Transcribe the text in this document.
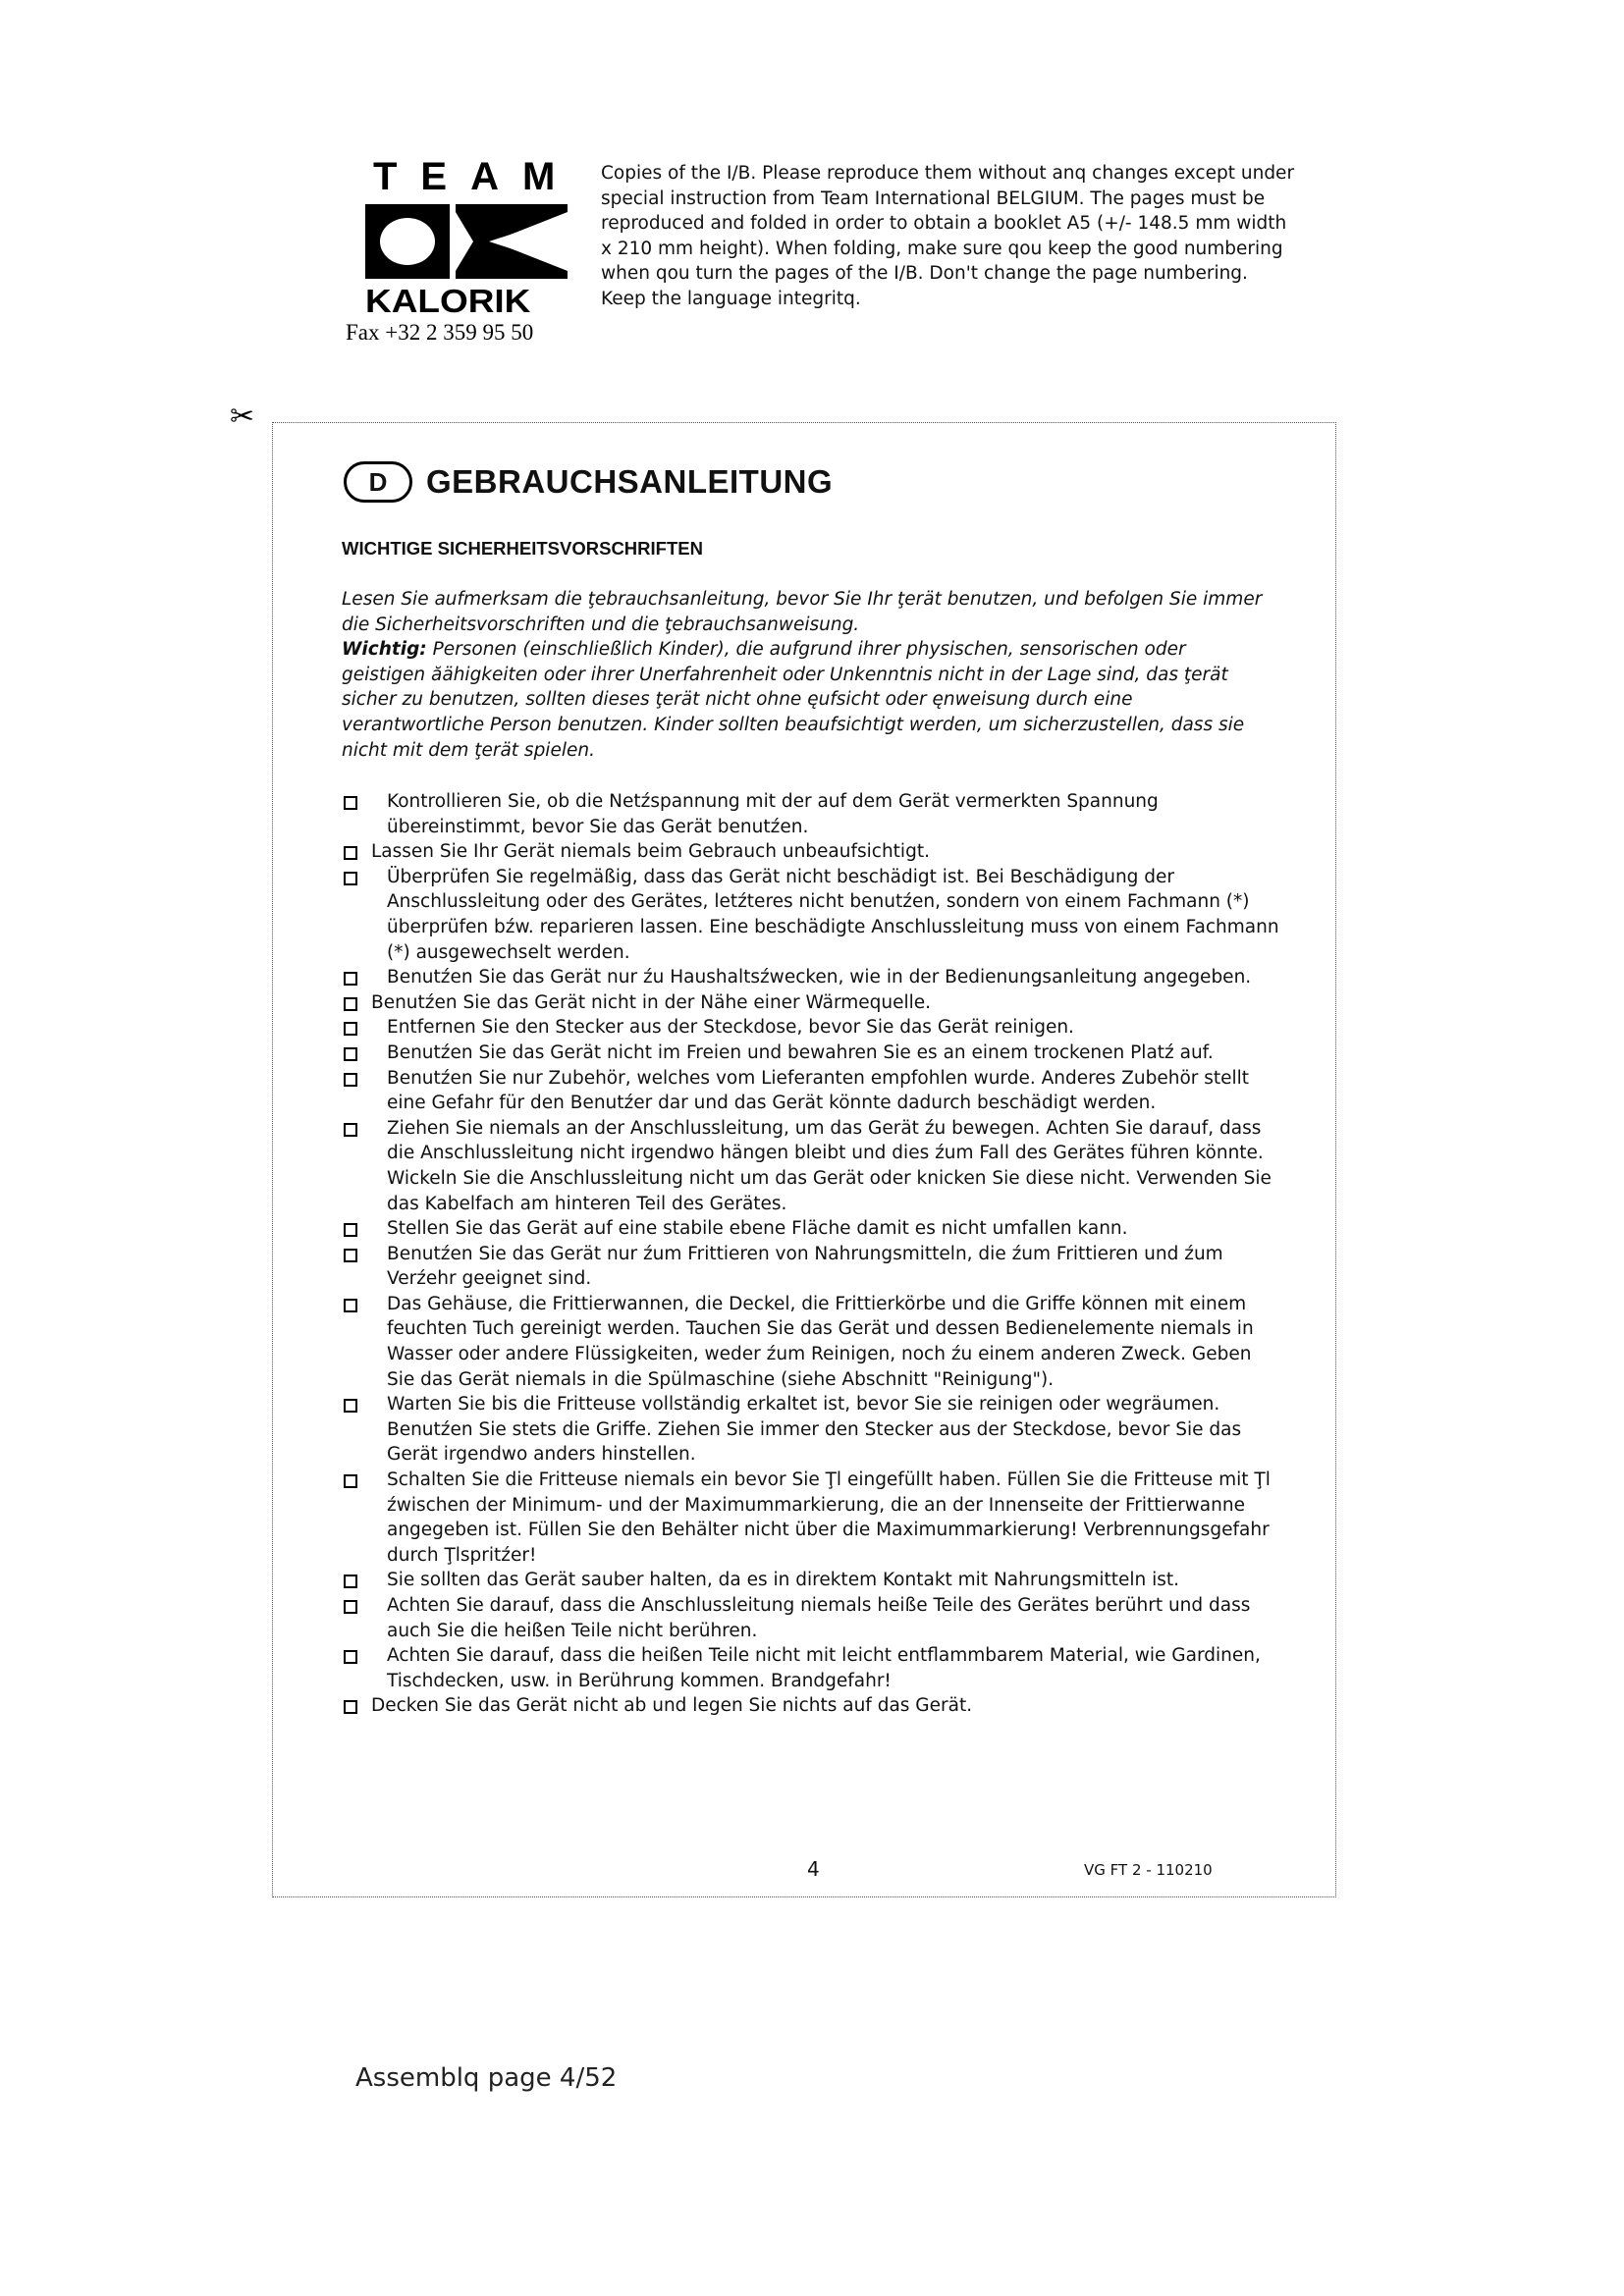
TEAM
KALORIK
Fax +32 2 359 95 50
Copies of the I/B. Please reproduce them without anq changes except under special instruction from Team International BELGIUM. The pages must be reproduced and folded in order to obtain a booklet A5 (+/- 148.5 mm width x 210 mm height). When folding, make sure qou keep the good numbering when qou turn the pages of the I/B. Don't change the page numbering. Keep the language integritq.
✂
D	GEBRAUCHSANLEITUNG
WICHTIGE SICHERHEITSVORSCHRIFTEN

Lesen Sie aufmerksam die ţebrauchsanleitung, bevor Sie Ihr ţerät benutzen, und befolgen Sie immer die Sicherheitsvorschriften und die ţebrauchsanweisung.

Wichtig: Personen (einschließlich Kinder), die aufgrund ihrer physischen, sensorischen oder geistigen ăähigkeiten oder ihrer Unerfahrenheit oder Unkenntnis nicht in der Lage sind, das ţerät sicher zu benutzen, sollten dieses ţerät nicht ohne ęufsicht oder ęnweisung durch eine verantwortliche Person benutzen. Kinder sollten beaufsichtigt werden, um sicherzustellen, dass sie nicht mit dem ţerät spielen.

Kontrollieren Sie, ob die Netźspannung mit der auf dem Gerät vermerkten Spannung übereinstimmt, bevor Sie das Gerät benutźen.
Lassen Sie Ihr Gerät niemals beim Gebrauch unbeaufsichtigt.
Überprüfen Sie regelmäßig, dass das Gerät nicht beschädigt ist. Bei Beschädigung der Anschlussleitung oder des Gerätes, letźteres nicht benutźen, sondern von einem Fachmann (*) überprüfen bźw. reparieren lassen. Eine beschädigte Anschlussleitung muss von einem Fachmann (*) ausgewechselt werden.
Benutźen Sie das Gerät nur źu Haushaltsźwecken, wie in der Bedienungsanleitung angegeben.
Benutźen Sie das Gerät nicht in der Nähe einer Wärmequelle.
Entfernen Sie den Stecker aus der Steckdose, bevor Sie das Gerät reinigen.
Benutźen Sie das Gerät nicht im Freien und bewahren Sie es an einem trockenen Platź auf.
Benutźen Sie nur Zubehör, welches vom Lieferanten empfohlen wurde. Anderes Zubehör stellt eine Gefahr für den Benutźer dar und das Gerät könnte dadurch beschädigt werden.
Ziehen Sie niemals an der Anschlussleitung, um das Gerät źu bewegen. Achten Sie darauf, dass die Anschlussleitung nicht irgendwo hängen bleibt und dies źum Fall des Gerätes führen könnte. Wickeln Sie die Anschlussleitung nicht um das Gerät oder knicken Sie diese nicht. Verwenden Sie das Kabelfach am hinteren Teil des Gerätes.
Stellen Sie das Gerät auf eine stabile ebene Fläche damit es nicht umfallen kann.
Benutźen Sie das Gerät nur źum Frittieren von Nahrungsmitteln, die źum Frittieren und źum Verźehr geeignet sind.
Das Gehäuse, die Frittierwannen, die Deckel, die Frittierkörbe und die Griffe können mit einem feuchten Tuch gereinigt werden. Tauchen Sie das Gerät und dessen Bedienelemente niemals in Wasser oder andere Flüssigkeiten, weder źum Reinigen, noch źu einem anderen Zweck. Geben Sie das Gerät niemals in die Spülmaschine (siehe Abschnitt "Reinigung").
Warten Sie bis die Fritteuse vollständig erkaltet ist, bevor Sie sie reinigen oder wegräumen. Benutźen Sie stets die Griffe. Ziehen Sie immer den Stecker aus der Steckdose, bevor Sie das Gerät irgendwo anders hinstellen.
Schalten Sie die Fritteuse niemals ein bevor Sie Ţl eingefüllt haben. Füllen Sie die Fritteuse mit Ţl źwischen der Minimum- und der Maximummarkierung, die an der Innenseite der Frittierwanne angegeben ist. Füllen Sie den Behälter nicht über die Maximummarkierung! Verbrennungsgefahr durch Ţlspritźer!
Sie sollten das Gerät sauber halten, da es in direktem Kontakt mit Nahrungsmitteln ist.
Achten Sie darauf, dass die Anschlussleitung niemals heiße Teile des Gerätes berührt und dass auch Sie die heißen Teile nicht berühren.
Achten Sie darauf, dass die heißen Teile nicht mit leicht entflammbarem Material, wie Gardinen, Tischdecken, usw. in Berührung kommen. Brandgefahr!
Decken Sie das Gerät nicht ab und legen Sie nichts auf das Gerät.
4	VG FT 2 - 110210
Assemblq page 4/52
